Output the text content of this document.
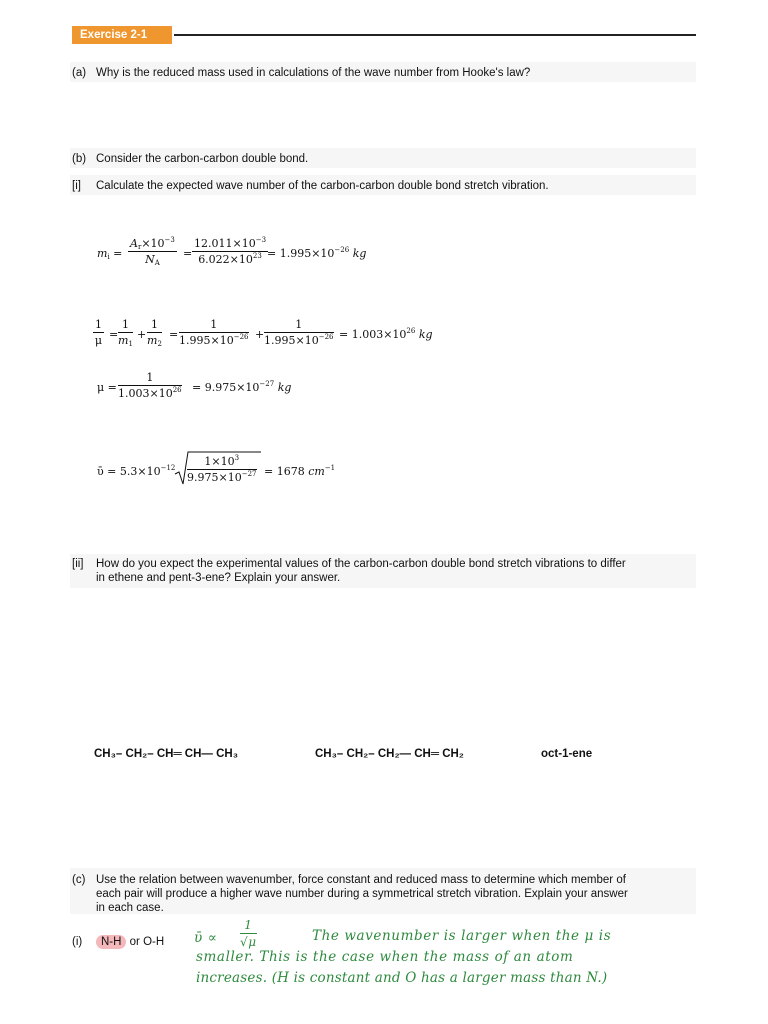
Exercise 2-1
(a) Why is the reduced mass used in calculations of the wave number from Hooke's law?
(b) Consider the carbon-carbon double bond.
[i] Calculate the expected wave number of the carbon-carbon double bond stretch vibration.
$m_i = \frac{A_r\times 10^{-3}}{N_A} = \frac{12.011\times 10^{-3}}{6.022\times 10^{23}}$
= $1.995\times 10^{-26}$ kg
$\frac{1}{\mu} = \frac{1}{m_1} + \frac{1}{m_2} = \frac{1}{1.995\times 10^{-26}} + \frac{1}{1.995\times 10^{-26}} = 1.003\times 10^{26}$ kg
$\mu = \frac{1}{1.003\times 10^{26}} = 9.975\times 10^{-27}$ kg
ῡ = $5.3\times 10^{-12} \frac{1\times 10^3}{9.975\times 10^{-27}} = 1678$ $cm^{-1}$
[ii] How do you expect the experimental values of the carbon-carbon double bond stretch vibrations to differ
in ethene and pent-3-ene? Explain your answer.
CH₃– CH₂– CH═ CH— CH₃	CH₃– CH₂– CH₂— CH═ CH₂	oct-1-ene
(c) Use the relation between wavenumber, force constant and reduced mass to determine which member of
each pair will produce a higher wave number during a symmetrical stretch vibration. Explain your answer
in each case.
(i) N-H or O-H ῡ ∝ $\frac{1}{√\mu}$	The wavenumber is larger when the μ is
smaller. This is the case when the mass of an atom
increases. (H is constant and O has a larger mass than N.)
